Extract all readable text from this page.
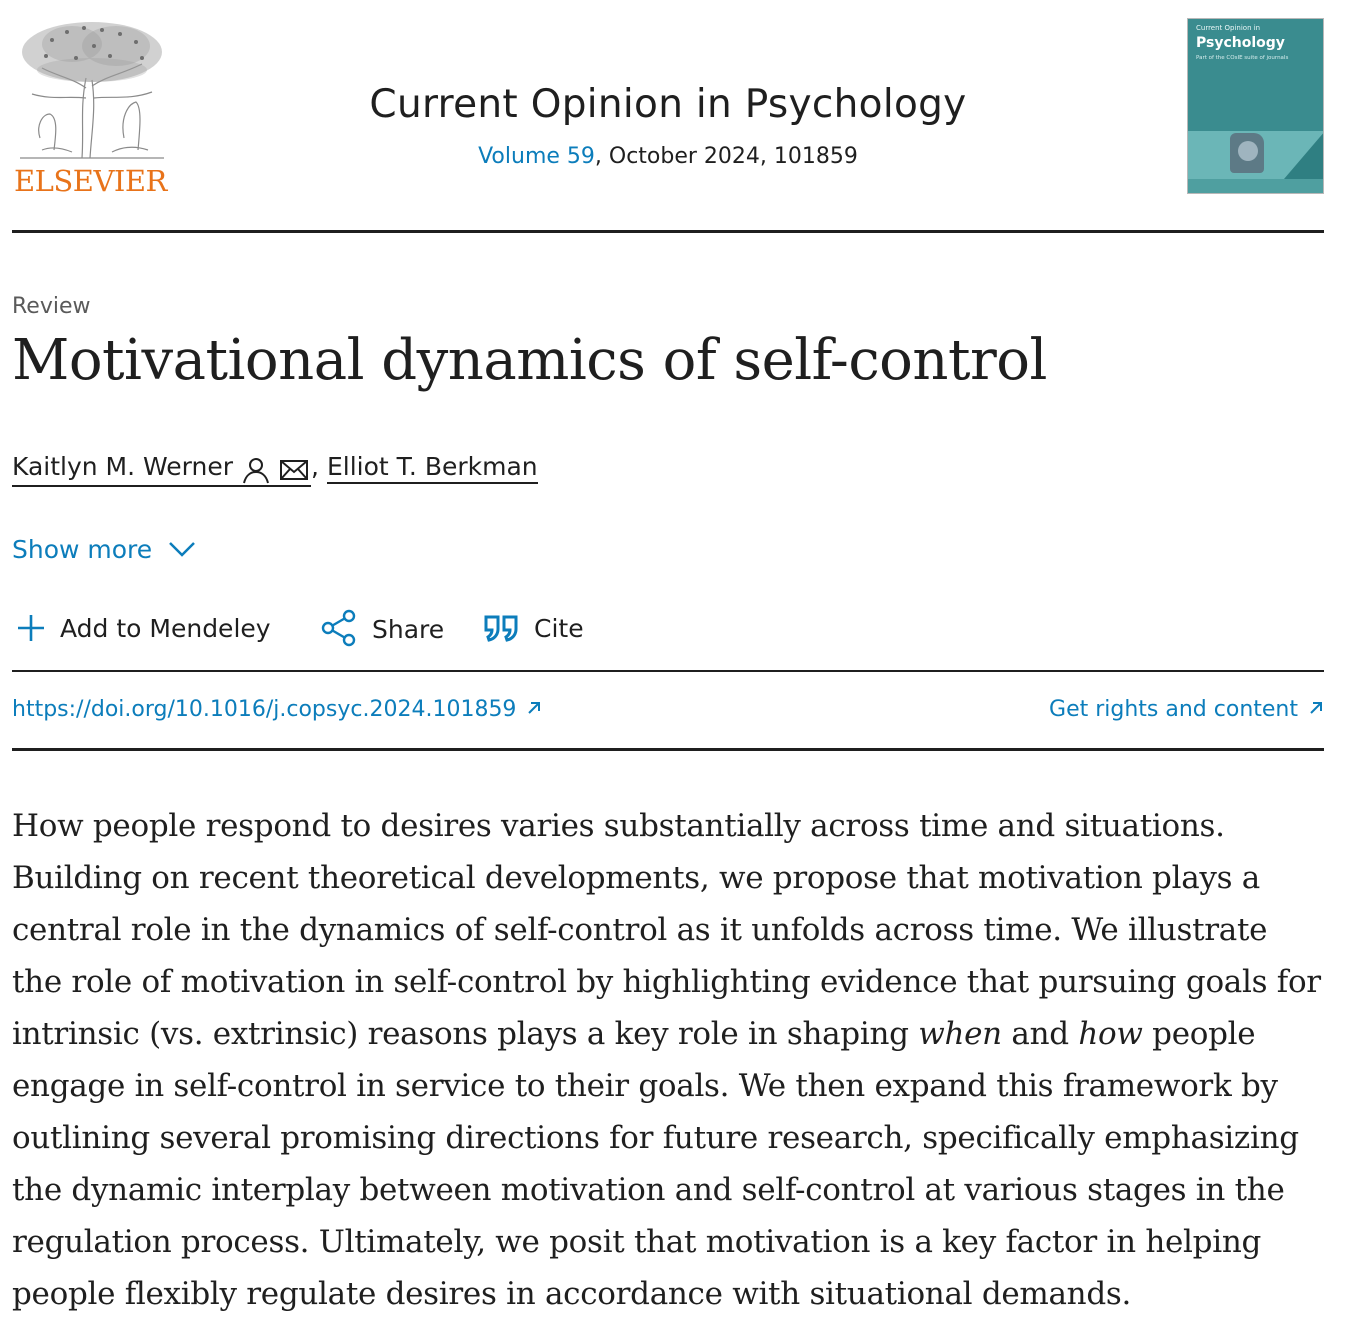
ELSEVIER
Current Opinion in Psychology
Volume 59, October 2024, 101859
Current Opinion in
Psychology
Part of the COsIE suite of journals
Review
Motivational dynamics of self-control
Kaitlyn M. Werner	, Elliot T. Berkman
Show more
Add to Mendeley	Share	Cite
https://doi.org/10.1016/j.copsyc.2024.101859	Get rights and content

How people respond to desires varies substantially across time and situations. Building on recent theoretical developments, we propose that motivation plays a central role in the dynamics of self-control as it unfolds across time. We illustrate the role of motivation in self-control by highlighting evidence that pursuing goals for intrinsic (vs. extrinsic) reasons plays a key role in shaping when and how people engage in self-control in service to their goals. We then expand this framework by outlining several promising directions for future research, specifically emphasizing the dynamic interplay between motivation and self-control at various stages in the regulation process. Ultimately, we posit that motivation is a key factor in helping people flexibly regulate desires in accordance with situational demands.
